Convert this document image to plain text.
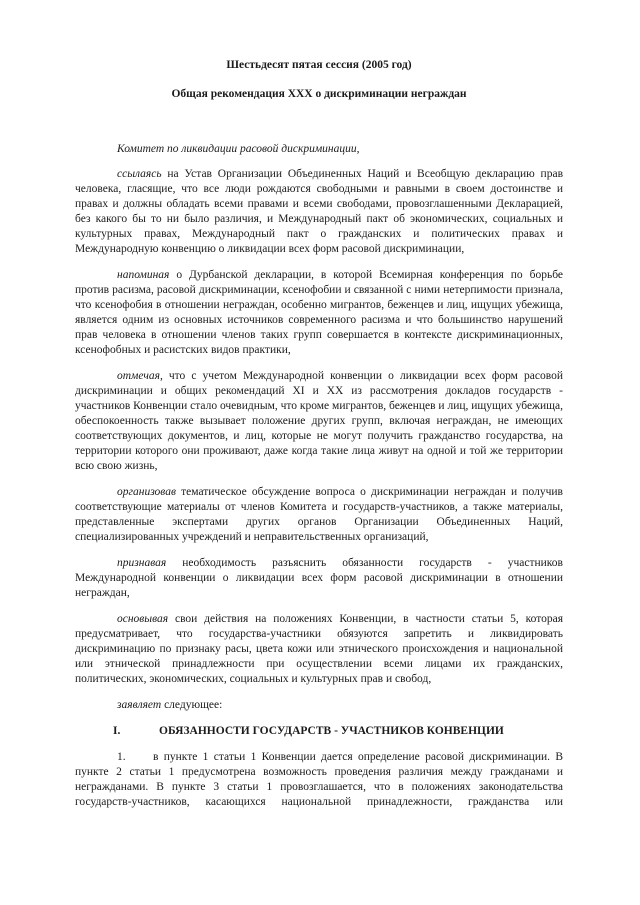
Шестьдесят пятая сессия (2005 год)

Общая рекомендация XXX о дискриминации неграждан

Комитет по ликвидации расовой дискриминации,

ссылаясь на Устав Организации Объединенных Наций и Всеобщую декларацию прав человека, гласящие, что все люди рождаются свободными и равными в своем достоинстве и правах и должны обладать всеми правами и всеми свободами, провозглашенными Декларацией, без какого бы то ни было различия, и Международный пакт об экономических, социальных и культурных правах, Международный пакт о гражданских и политических правах и Международную конвенцию о ликвидации всех форм расовой дискриминации,

напоминая о Дурбанской декларации, в которой Всемирная конференция по борьбе против расизма, расовой дискриминации, ксенофобии и связанной с ними нетерпимости признала, что ксенофобия в отношении неграждан, особенно мигрантов, беженцев и лиц, ищущих убежища, является одним из основных источников современного расизма и что большинство нарушений прав человека в отношении членов таких групп совершается в контексте дискриминационных, ксенофобных и расистских видов практики,

отмечая, что с учетом Международной конвенции о ликвидации всех форм расовой дискриминации и общих рекомендаций XI и XX из рассмотрения докладов государств - участников Конвенции стало очевидным, что кроме мигрантов, беженцев и лиц, ищущих убежища, обеспокоенность также вызывает положение других групп, включая неграждан, не имеющих соответствующих документов, и лиц, которые не могут получить гражданство государства, на территории которого они проживают, даже когда такие лица живут на одной и той же территории всю свою жизнь,

организовав тематическое обсуждение вопроса о дискриминации неграждан и получив соответствующие материалы от членов Комитета и государств-участников, а также материалы, представленные экспертами других органов Организации Объединенных Наций, специализированных учреждений и неправительственных организаций,

признавая необходимость разъяснить обязанности государств - участников Международной конвенции о ликвидации всех форм расовой дискриминации в отношении неграждан,

основывая свои действия на положениях Конвенции, в частности статьи 5, которая предусматривает, что государства-участники обязуются запретить и ликвидировать дискриминацию по признаку расы, цвета кожи или этнического происхождения и национальной или этнической принадлежности при осуществлении всеми лицами их гражданских, политических, экономических, социальных и культурных прав и свобод,

заявляет следующее:

I.	ОБЯЗАННОСТИ ГОСУДАРСТВ - УЧАСТНИКОВ КОНВЕНЦИИ

1. в пункте 1 статьи 1 Конвенции дается определение расовой дискриминации. В пункте 2 статьи 1 предусмотрена возможность проведения различия между гражданами и негражданами. В пункте 3 статьи 1 провозглашается, что в положениях законодательства государств-участников, касающихся национальной принадлежности, гражданства или
